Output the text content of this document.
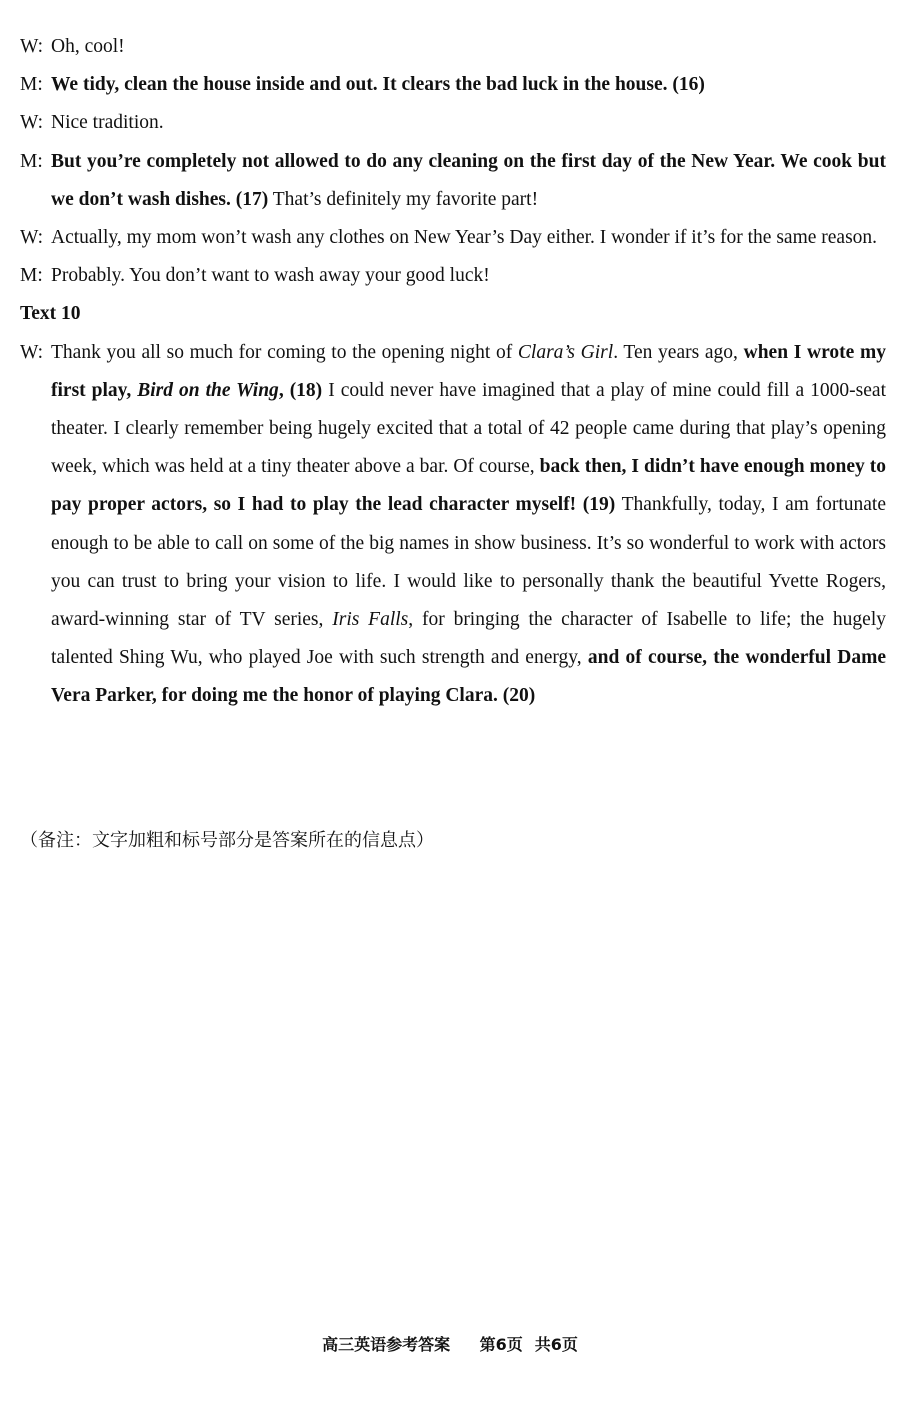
W: Oh, cool!
M: We tidy, clean the house inside and out. It clears the bad luck in the house. (16)
W: Nice tradition.
M: But you’re completely not allowed to do any cleaning on the first day of the New Year. We cook but we don’t wash dishes. (17) That’s definitely my favorite part!
W: Actually, my mom won’t wash any clothes on New Year’s Day either. I wonder if it’s for the same reason.
M: Probably. You don’t want to wash away your good luck!
Text 10
W: Thank you all so much for coming to the opening night of Clara’s Girl. Ten years ago, when I wrote my first play, Bird on the Wing, (18) I could never have imagined that a play of mine could fill a 1000-seat theater. I clearly remember being hugely excited that a total of 42 people came during that play’s opening week, which was held at a tiny theater above a bar. Of course, back then, I didn’t have enough money to pay proper actors, so I had to play the lead character myself! (19) Thankfully, today, I am fortunate enough to be able to call on some of the big names in show business. It’s so wonderful to work with actors you can trust to bring your vision to life. I would like to personally thank the beautiful Yvette Rogers, award-winning star of TV series, Iris Falls, for bringing the character of Isabelle to life; the hugely talented Shing Wu, who played Joe with such strength and energy, and of course, the wonderful Dame Vera Parker, for doing me the honor of playing Clara. (20)
（备注：文字加粗和标号部分是答案所在的信息点）
高三英语参考答案 第6页 共6页
